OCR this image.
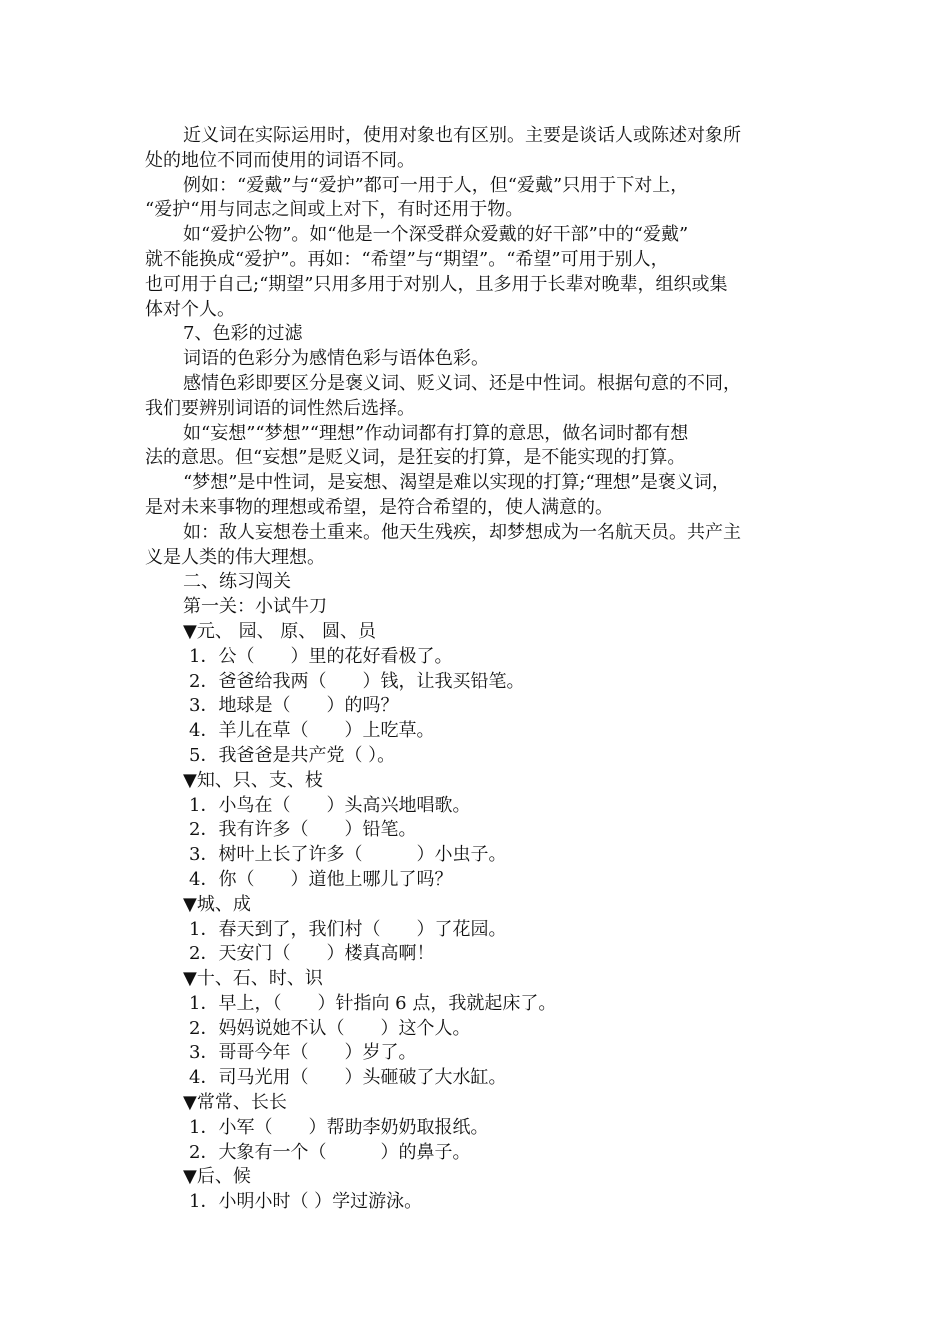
近义词在实际运用时，使用对象也有区别。主要是谈话人或陈述对象所
处的地位不同而使用的词语不同。
例如：“爱戴”与“爱护”都可一用于人，但“爱戴”只用于下对上，
“爱护“用与同志之间或上对下，有时还用于物。
如“爱护公物”。如“他是一个深受群众爱戴的好干部”中的“爱戴”
就不能换成“爱护”。再如：“希望”与“期望”。“希望”可用于别人，
也可用于自己;“期望”只用多用于对别人，且多用于长辈对晚辈，组织或集
体对个人。
7、色彩的过滤
词语的色彩分为感情色彩与语体色彩。
感情色彩即要区分是褒义词、贬义词、还是中性词。根据句意的不同，
我们要辨别词语的词性然后选择。
如“妄想”“梦想”“理想”作动词都有打算的意思，做名词时都有想
法的意思。但“妄想”是贬义词，是狂妄的打算，是不能实现的打算。
“梦想”是中性词，是妄想、渴望是难以实现的打算;“理想”是褒义词，
是对未来事物的理想或希望，是符合希望的，使人满意的。
如：敌人妄想卷土重来。他天生残疾，却梦想成为一名航天员。共产主
义是人类的伟大理想。
二、练习闯关
第一关：小试牛刀
▼元、 园、 原、 圆、员
1．公（　　）里的花好看极了。
2．爸爸给我两（　　）钱，让我买铅笔。
3．地球是（　　）的吗？
4．羊儿在草（　　）上吃草。
5．我爸爸是共产党（ ）。
▼知、只、支、枝
1．小鸟在（　　）头高兴地唱歌。
2．我有许多（　　）铅笔。
3．树叶上长了许多（　　　）小虫子。
4．你（　　）道他上哪儿了吗？
▼城、成
1．春天到了，我们村（　　）了花园。
2．天安门（　　）楼真高啊！
▼十、石、时、识
1．早上，（　　）针指向 6 点，我就起床了。
2．妈妈说她不认（　　）这个人。
3．哥哥今年（　　）岁了。
4．司马光用（　　）头砸破了大水缸。
▼常常、长长
1．小军（　　）帮助李奶奶取报纸。
2．大象有一个（　　　）的鼻子。
▼后、候
1．小明小时（ ）学过游泳。
